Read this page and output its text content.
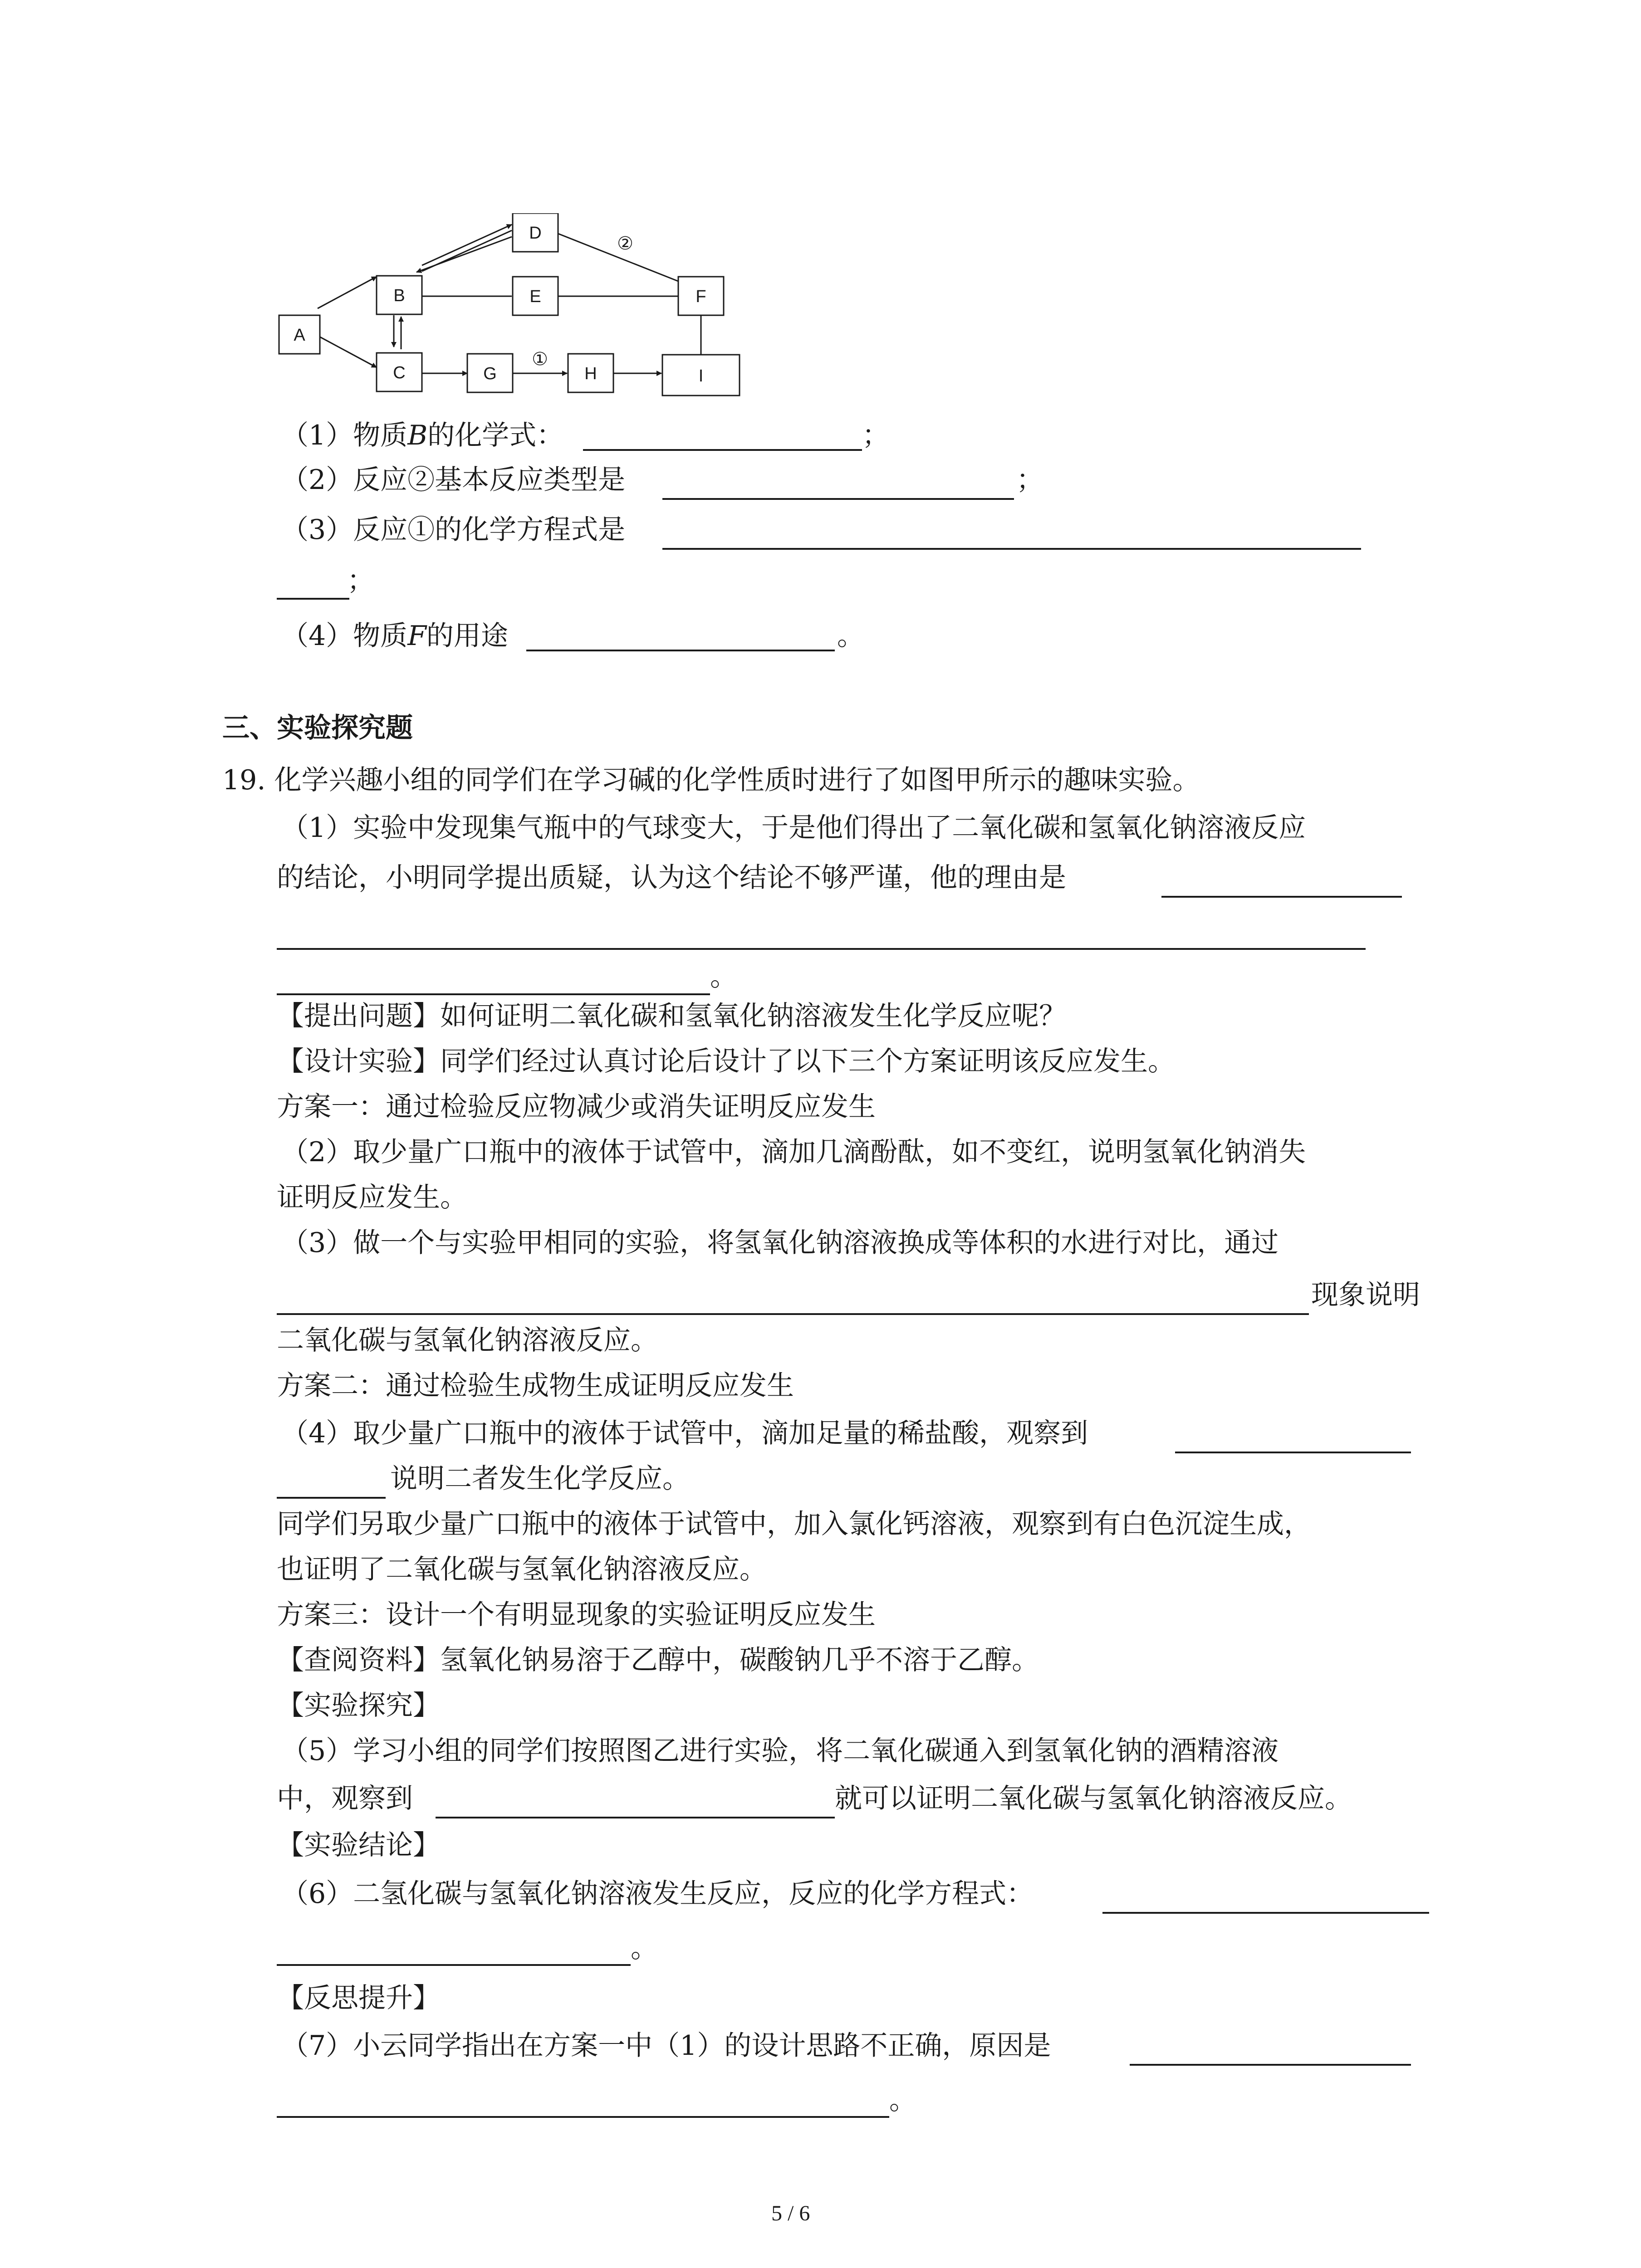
A
B
C
D
E	F
G	H	I
②
①
（1）物质B的化学式：	；
（2）反应②基本反应类型是	；
（3）反应①的化学方程式是
；
（4）物质F的用途	。
三、实验探究题
19. 化学兴趣小组的同学们在学习碱的化学性质时进行了如图甲所示的趣味实验。
（1）实验中发现集气瓶中的气球变大，于是他们得出了二氧化碳和氢氧化钠溶液反应
的结论，小明同学提出质疑，认为这个结论不够严谨，他的理由是
。
【提出问题】如何证明二氧化碳和氢氧化钠溶液发生化学反应呢？
【设计实验】同学们经过认真讨论后设计了以下三个方案证明该反应发生。
方案一：通过检验反应物减少或消失证明反应发生
（2）取少量广口瓶中的液体于试管中，滴加几滴酚酞，如不变红，说明氢氧化钠消失
证明反应发生。
（3）做一个与实验甲相同的实验，将氢氧化钠溶液换成等体积的水进行对比，通过
现象说明
二氧化碳与氢氧化钠溶液反应。
方案二：通过检验生成物生成证明反应发生
（4）取少量广口瓶中的液体于试管中，滴加足量的稀盐酸，观察到
说明二者发生化学反应。
同学们另取少量广口瓶中的液体于试管中，加入氯化钙溶液，观察到有白色沉淀生成，
也证明了二氧化碳与氢氧化钠溶液反应。
方案三：设计一个有明显现象的实验证明反应发生
【查阅资料】氢氧化钠易溶于乙醇中，碳酸钠几乎不溶于乙醇。
【实验探究】
（5）学习小组的同学们按照图乙进行实验，将二氧化碳通入到氢氧化钠的酒精溶液
中，观察到	就可以证明二氧化碳与氢氧化钠溶液反应。
【实验结论】
（6）二氢化碳与氢氧化钠溶液发生反应，反应的化学方程式：
。
【反思提升】
（7）小云同学指出在方案一中（1）的设计思路不正确，原因是
。
5 / 6
